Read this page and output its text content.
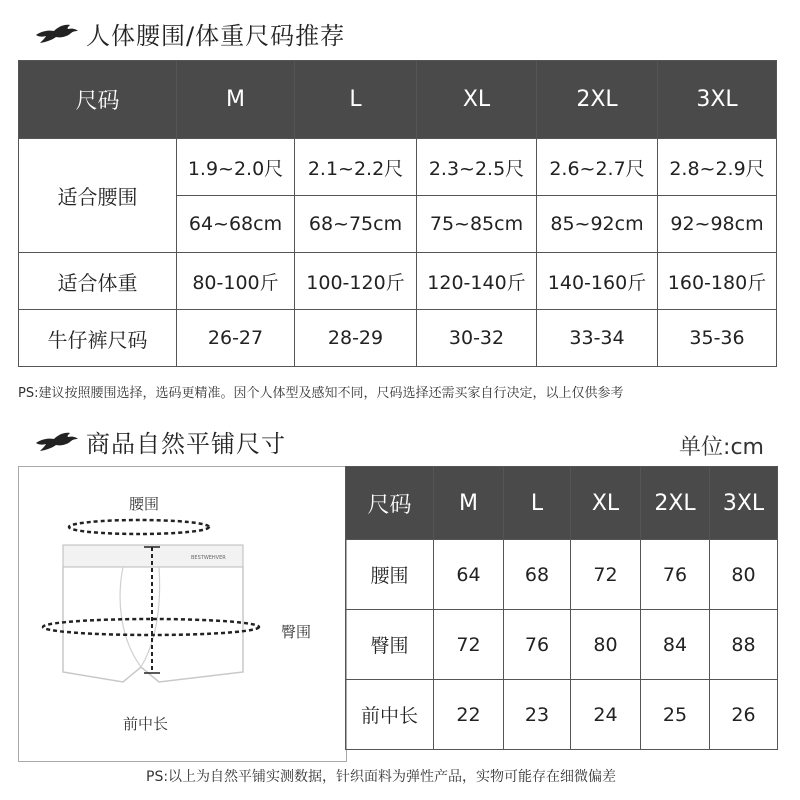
人体腰围/体重尺码推荐
尺码	M	L	XL	2XL	3XL
适合腰围	1.9~2.0尺	2.1~2.2尺	2.3~2.5尺	2.6~2.7尺	2.8~2.9尺
	64~68cm	68~75cm	75~85cm	85~92cm	92~98cm
适合体重	80-100斤	100-120斤	120-140斤	140-160斤	160-180斤
牛仔裤尺码	26-27	28-29	30-32	33-34	35-36
PS:建议按照腰围选择，选码更精准。因个人体型及感知不同，尺码选择还需买家自行决定，以上仅供参考
商品自然平铺尺寸	单位:cm
腰围
BESTWEHVER
臀围
前中长
尺码	M	L	XL	2XL	3XL
腰围	64	68	72	76	80
臀围	72	76	80	84	88
前中长	22	23	24	25	26
PS:以上为自然平铺实测数据，针织面料为弹性产品，实物可能存在细微偏差
